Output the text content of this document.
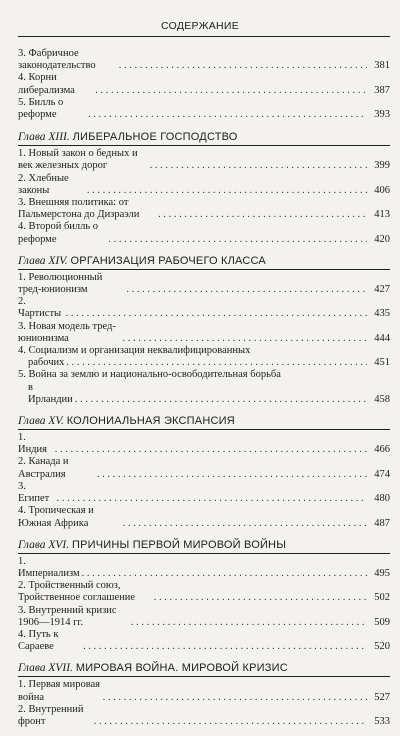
СОДЕРЖАНИЕ
3. Фабричное законодательство . . .	381
4. Корни либерализма . . .	387
5. Билль о реформе . . .	393
Глава XIII. ЛИБЕРАЛЬНОЕ ГОСПОДСТВО
1. Новый закон о бедных и век железных дорог . . .	399
2. Хлебные законы . . .	406
3. Внешняя политика: от Пальмерстона до Дизраэли . . .	413
4. Второй билль о реформе . . .	420
Глава XIV. ОРГАНИЗАЦИЯ РАБОЧЕГО КЛАССА
1. Революционный тред-юнионизм . . .	427
2. Чартисты . . .	435
3. Новая модель тред-юнионизма . . .	444
4. Социализм и организация неквалифицированных
рабочих . . .	451
5. Война за землю и национально-освободительная борьба
в Ирландии . . .	458
Глава XV. КОЛОНИАЛЬНАЯ ЭКСПАНСИЯ
1. Индия . . .	466
2. Канада и Австралия . . .	474
3. Египет . . .	480
4. Тропическая и Южная Африка . . .	487
Глава XVI. ПРИЧИНЫ ПЕРВОЙ МИРОВОЙ ВОЙНЫ
1. Империализм . . .	495
2. Тройственный союз, Тройственное соглашение . . .	502
3. Внутренний кризис 1906—1914 гг. . . .	509
4. Путь к Сараеве . . .	520
Глава XVII. МИРОВАЯ ВОЙНА. МИРОВОЙ КРИЗИС
1. Первая мировая война . . .	527
2. Внутренний фронт . . .	533
